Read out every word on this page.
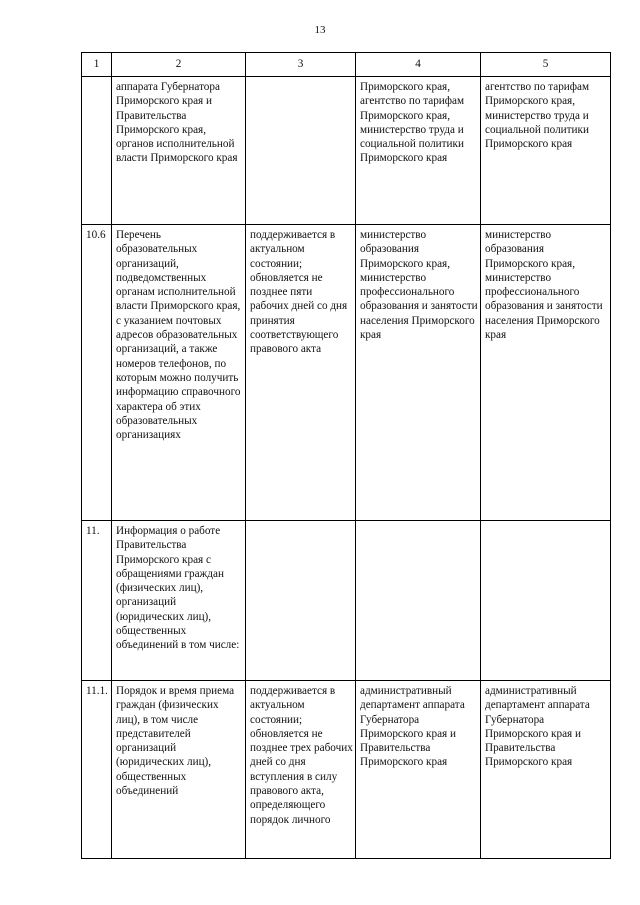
13
1	2	3	4	5
	аппарата Губернатора Приморского края и Правительства Приморского края, органов исполнительной власти Приморского края		Приморского края, агентство по тарифам Приморского края, министерство труда и социальной политики Приморского края	агентство по тарифам Приморского края, министерство труда и социальной политики Приморского края
10.6	Перечень образовательных организаций, подведомственных органам исполнительной власти Приморского края, с указанием почтовых адресов образовательных организаций, а также номеров телефонов, по которым можно получить информацию справочного характера об этих образовательных организациях	поддерживается в актуальном состоянии; обновляется не позднее пяти рабочих дней со дня принятия соответствующего правового акта	министерство образования Приморского края, министерство профессионального образования и занятости населения Приморского края	министерство образования Приморского края, министерство профессионального образования и занятости населения Приморского края
11.	Информация о работе Правительства Приморского края с обращениями граждан (физических лиц), организаций (юридических лиц), общественных объединений в том числе:			
11.1.	Порядок и время приема граждан (физических лиц), в том числе представителей организаций (юридических лиц), общественных объединений	поддерживается в актуальном состоянии; обновляется не позднее трех рабочих дней со дня вступления в силу правового акта, определяющего порядок личного	административный департамент аппарата Губернатора Приморского края и Правительства Приморского края	административный департамент аппарата Губернатора Приморского края и Правительства Приморского края
